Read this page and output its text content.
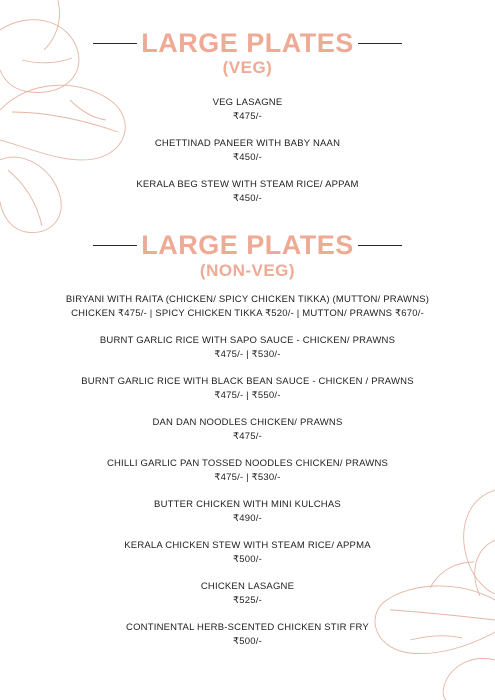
LARGE PLATES
(VEG)
VEG LASAGNE
₹475/-
CHETTINAD PANEER WITH BABY NAAN
₹450/-
KERALA BEG STEW WITH STEAM RICE/ APPAM
₹450/-
LARGE PLATES
(NON-VEG)
BIRYANI WITH RAITA (CHICKEN/ SPICY CHICKEN TIKKA) (MUTTON/ PRAWNS)
CHICKEN ₹475/- | SPICY CHICKEN TIKKA ₹520/- | MUTTON/ PRAWNS ₹670/-
BURNT GARLIC RICE WITH SAPO SAUCE - CHICKEN/ PRAWNS
₹475/- | ₹530/-
BURNT GARLIC RICE WITH BLACK BEAN SAUCE - CHICKEN / PRAWNS
₹475/- | ₹550/-
DAN DAN NOODLES CHICKEN/ PRAWNS
₹475/-
CHILLI GARLIC PAN TOSSED NOODLES CHICKEN/ PRAWNS
₹475/- | ₹530/-
BUTTER CHICKEN WITH MINI KULCHAS
₹490/-
KERALA CHICKEN STEW WITH STEAM RICE/ APPMA
₹500/-
CHICKEN LASAGNE
₹525/-
CONTINENTAL HERB-SCENTED CHICKEN STIR FRY
₹500/-
